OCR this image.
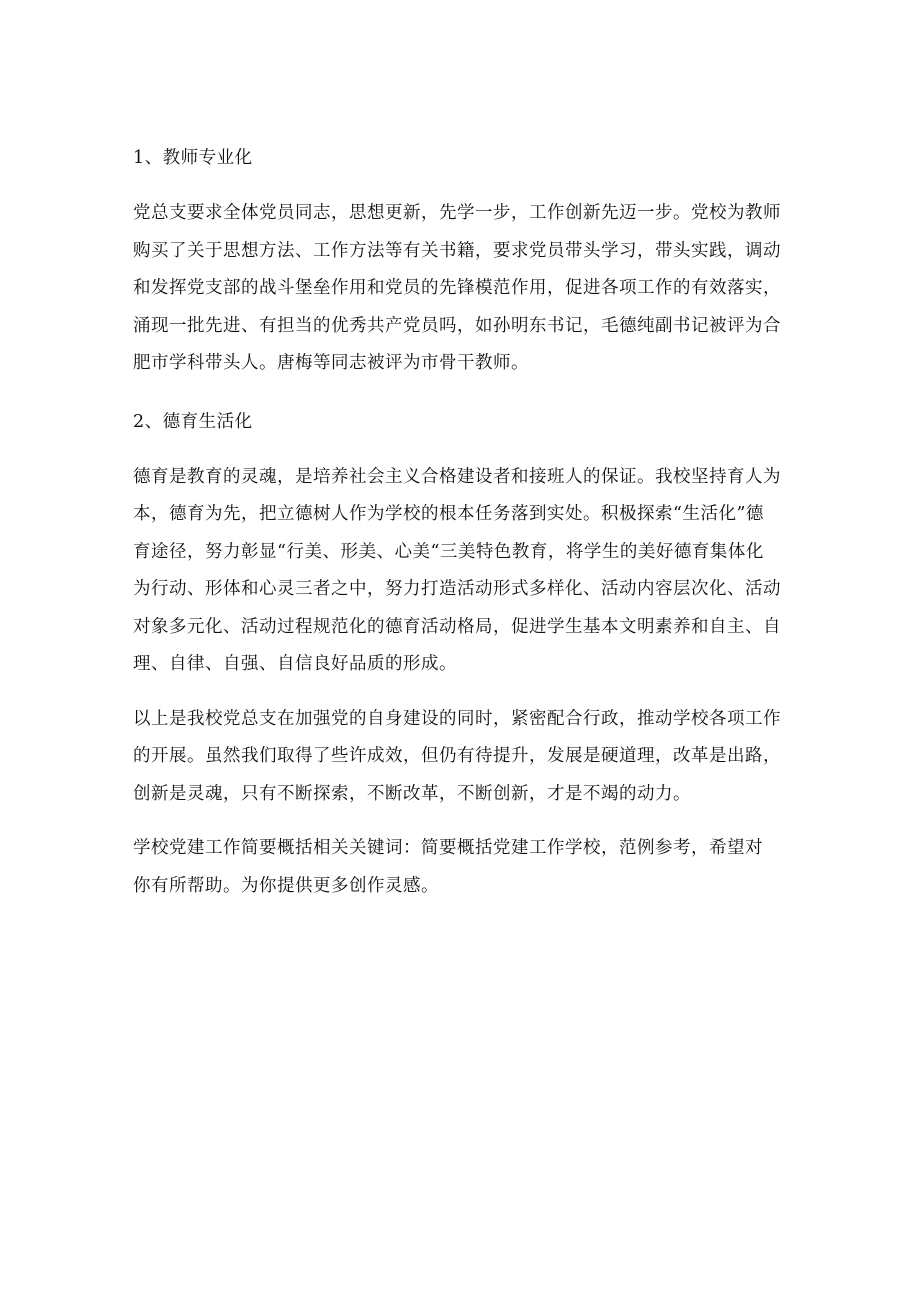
1、教师专业化
党总支要求全体党员同志，思想更新，先学一步，工作创新先迈一步。党校为教师
购买了关于思想方法、工作方法等有关书籍，要求党员带头学习，带头实践，调动
和发挥党支部的战斗堡垒作用和党员的先锋模范作用，促进各项工作的有效落实，
涌现一批先进、有担当的优秀共产党员吗，如孙明东书记，毛德纯副书记被评为合
肥市学科带头人。唐梅等同志被评为市骨干教师。
2、德育生活化
德育是教育的灵魂，是培养社会主义合格建设者和接班人的保证。我校坚持育人为
本，德育为先，把立德树人作为学校的根本任务落到实处。积极探索“生活化”德
育途径，努力彰显“行美、形美、心美“三美特色教育，将学生的美好德育集体化
为行动、形体和心灵三者之中，努力打造活动形式多样化、活动内容层次化、活动
对象多元化、活动过程规范化的德育活动格局，促进学生基本文明素养和自主、自
理、自律、自强、自信良好品质的形成。
以上是我校党总支在加强党的自身建设的同时，紧密配合行政，推动学校各项工作
的开展。虽然我们取得了些许成效，但仍有待提升，发展是硬道理，改革是出路，
创新是灵魂，只有不断探索，不断改革，不断创新，才是不竭的动力。
学校党建工作简要概括相关关键词：简要概括党建工作学校，范例参考，希望对
你有所帮助。为你提供更多创作灵感。
